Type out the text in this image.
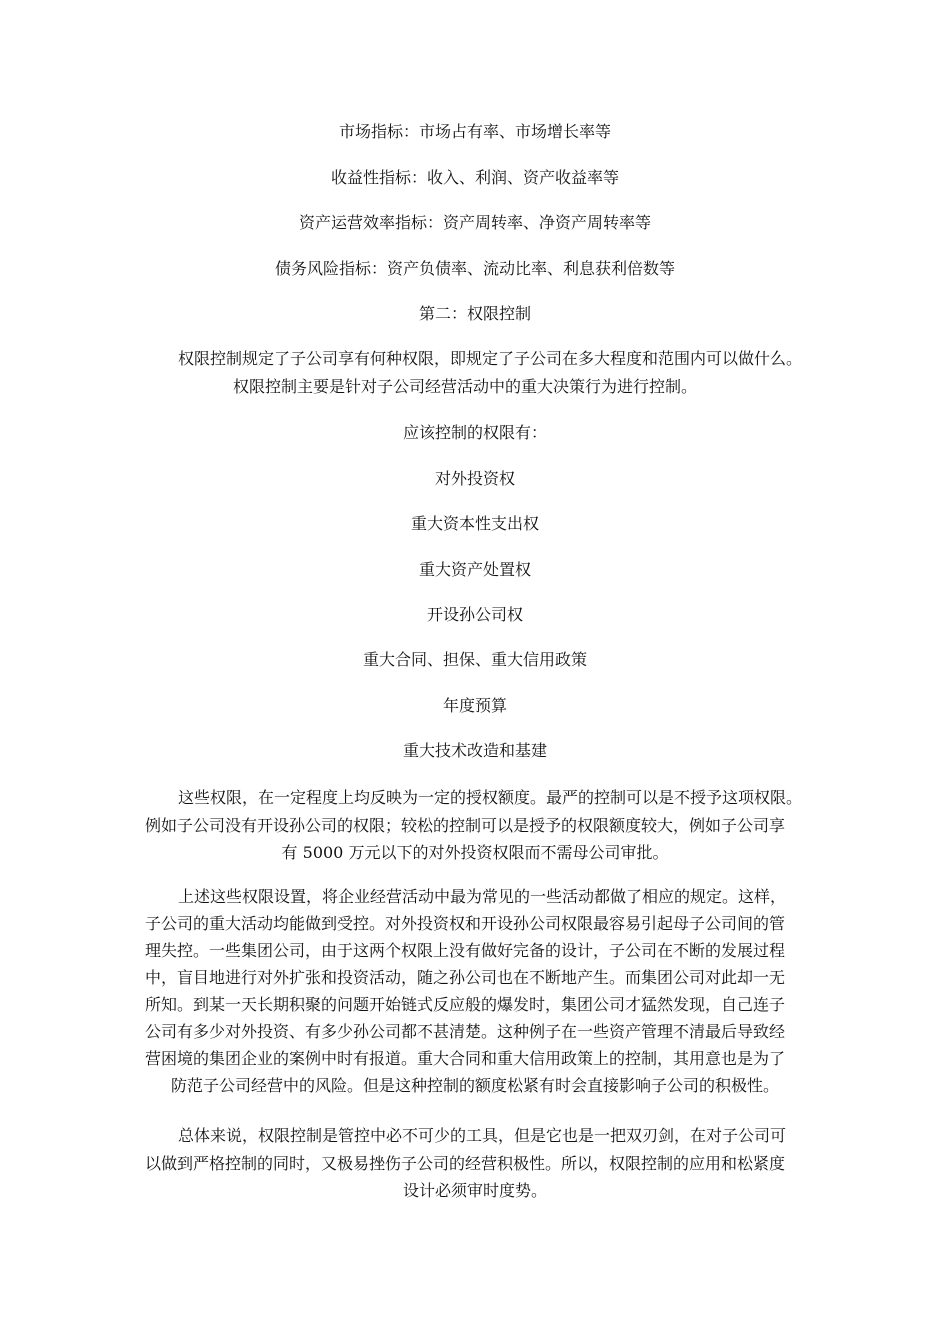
市场指标：市场占有率、市场增长率等

收益性指标：收入、利润、资产收益率等

资产运营效率指标：资产周转率、净资产周转率等

债务风险指标：资产负债率、流动比率、利息获利倍数等

第二：权限控制

权限控制规定了子公司享有何种权限，即规定了子公司在多大程度和范围内可以做什么。

权限控制主要是针对子公司经营活动中的重大决策行为进行控制。

应该控制的权限有：

对外投资权

重大资本性支出权

重大资产处置权

开设孙公司权

重大合同、担保、重大信用政策

年度预算

重大技术改造和基建

这些权限，在一定程度上均反映为一定的授权额度。最严的控制可以是不授予这项权限。

例如子公司没有开设孙公司的权限；较松的控制可以是授予的权限额度较大，例如子公司享

有 5000 万元以下的对外投资权限而不需母公司审批。

上述这些权限设置，将企业经营活动中最为常见的一些活动都做了相应的规定。这样，

子公司的重大活动均能做到受控。对外投资权和开设孙公司权限最容易引起母子公司间的管

理失控。一些集团公司，由于这两个权限上没有做好完备的设计，子公司在不断的发展过程

中，盲目地进行对外扩张和投资活动，随之孙公司也在不断地产生。而集团公司对此却一无

所知。到某一天长期积聚的问题开始链式反应般的爆发时，集团公司才猛然发现，自己连子

公司有多少对外投资、有多少孙公司都不甚清楚。这种例子在一些资产管理不清最后导致经

营困境的集团企业的案例中时有报道。重大合同和重大信用政策上的控制，其用意也是为了

防范子公司经营中的风险。但是这种控制的额度松紧有时会直接影响子公司的积极性。

总体来说，权限控制是管控中必不可少的工具，但是它也是一把双刃剑，在对子公司可

以做到严格控制的同时，又极易挫伤子公司的经营积极性。所以，权限控制的应用和松紧度

设计必须审时度势。
